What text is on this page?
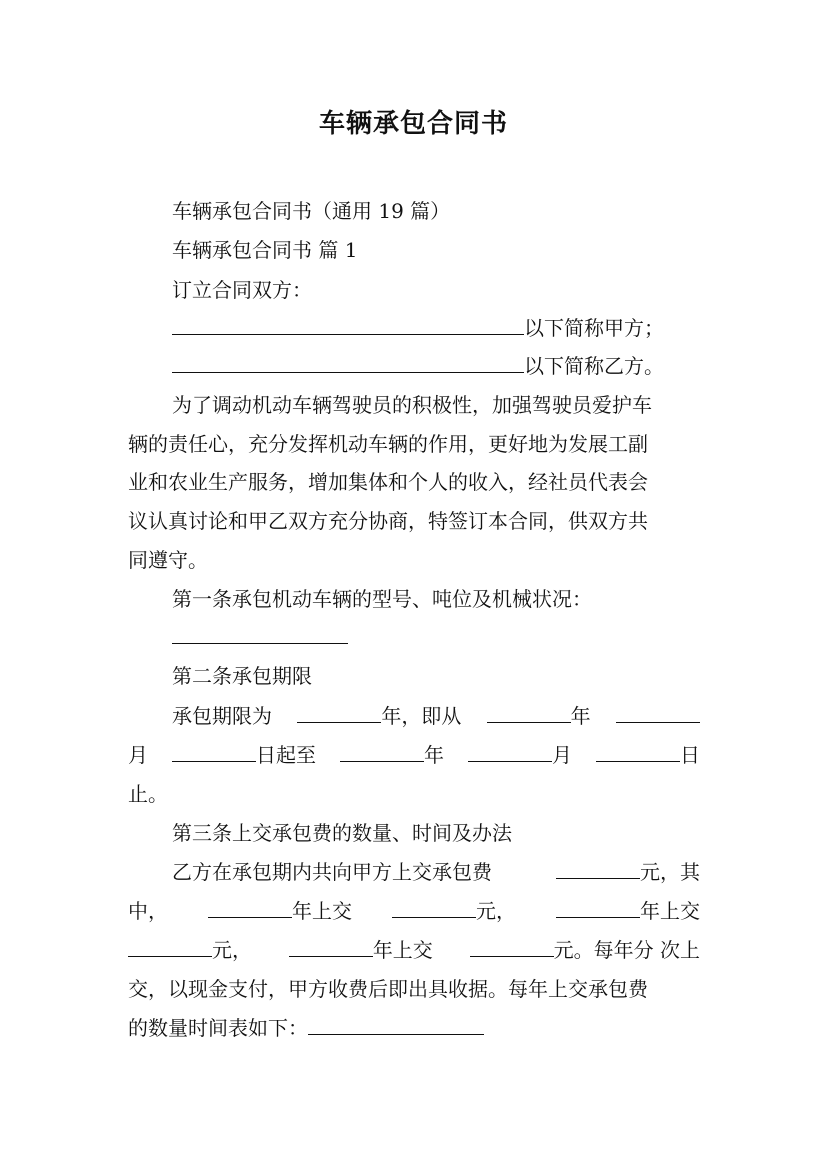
车辆承包合同书

车辆承包合同书（通用 19 篇）

车辆承包合同书 篇 1

订立合同双方：

以下简称甲方；

以下简称乙方。

为了调动机动车辆驾驶员的积极性，加强驾驶员爱护车

辆的责任心，充分发挥机动车辆的作用，更好地为发展工副

业和农业生产服务，增加集体和个人的收入，经社员代表会

议认真讨论和甲乙双方充分协商，特签订本合同，供双方共

同遵守。

第一条承包机动车辆的型号、吨位及机械状况：

第二条承包期限

承包期限为	年，即从	年

月	日起至	年	月	日

止。

第三条上交承包费的数量、时间及办法

乙方在承包期内共向甲方上交承包费	元，其

中，	年上交	元，	年上交

元，	年上交	元。每年分 次上

交，以现金支付，甲方收费后即出具收据。每年上交承包费

的数量时间表如下：
